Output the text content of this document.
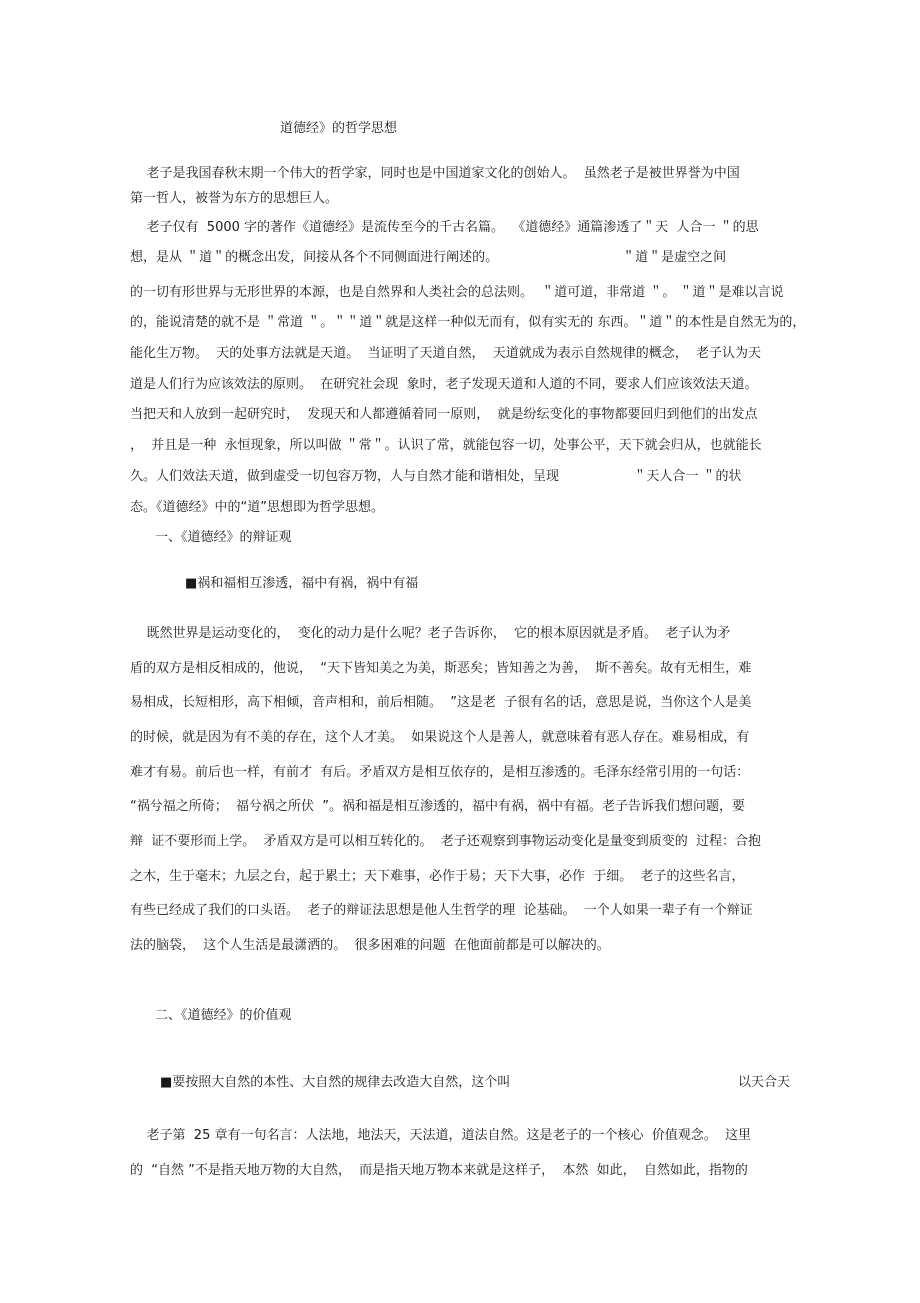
道德经》的哲学思想
老子是我国春秋末期一个伟大的哲学家，同时也是中国道家文化的创始人。  虽然老子是被世界誉为中国
第一哲人，被誉为东方的思想巨人。
老子仅有  5000 字的著作《道德经》是流传至今的千古名篇。  《道德经》通篇渗透了＂天  人合一 ＂的思
想，是从 ＂道＂的概念出发，间接从各个不同侧面进行阐述的。                              ＂道＂是虚空之间
的一切有形世界与无形世界的本源，也是自然界和人类社会的总法则。  ＂道可道，非常道 ＂。 ＂道＂是难以言说
的，能说清楚的就不是 ＂常道 ＂。＂＂道＂就是这样一种似无而有，似有实无的 东西。＂道＂的本性是自然无为的，
能化生万物。  天的处事方法就是天道。  当证明了天道自然，  天道就成为表示自然规律的概念，  老子认为天
道是人们行为应该效法的原则。  在研究社会现  象时，老子发现天道和人道的不同，要求人们应该效法天道。
当把天和人放到一起研究时，  发现天和人都遵循着同一原则，  就是纷纭变化的事物都要回归到他们的出发点
，  并且是一种  永恒现象，所以叫做 ＂常＂。认识了常，就能包容一切，处事公平，天下就会归从，也就能长
久。人们效法天道，做到虚受一切包容万物，人与自然才能和谐相处，呈现                  ＂天人合一 ＂的状
态。《道德经》中的“道”思想即为哲学思想。
一、《道德经》的辩证观
■祸和福相互渗透，福中有祸，祸中有福
既然世界是运动变化的，  变化的动力是什么呢？老子告诉你，  它的根本原因就是矛盾。  老子认为矛
盾的双方是相反相成的，他说，  “天下皆知美之为美，斯恶矣；皆知善之为善，  斯不善矣。故有无相生，难
易相成，长短相形，高下相倾，音声相和，前后相随。  ”这是老  子很有名的话，意思是说，当你这个人是美
的时候，就是因为有不美的存在，这个人才美。  如果说这个人是善人，就意味着有恶人存在。难易相成，有
难才有易。前后也一样，有前才  有后。矛盾双方是相互依存的，是相互渗透的。毛泽东经常引用的一句话：
“祸兮福之所倚；  福兮祸之所伏  ”。祸和福是相互渗透的，福中有祸，祸中有福。老子告诉我们想问题，要
辩  证不要形而上学。  矛盾双方是可以相互转化的。  老子还观察到事物运动变化是量变到质变的  过程：合抱
之木，生于毫末；九层之台，起于累土；天下难事，必作于易；天下大事，必作  于细。  老子的这些名言，
有些已经成了我们的口头语。  老子的辩证法思想是他人生哲学的理  论基础。  一个人如果一辈子有一个辩证
法的脑袋，  这个人生活是最潇洒的。  很多困难的问题  在他面前都是可以解决的。
二、《道德经》的价值观
■要按照大自然的本性、大自然的规律去改造大自然，这个叫	以天合天
老子第  25 章有一句名言：人法地，地法天，天法道，道法自然。这是老子的一个核心  价值观念。  这里
的  “自然 ”不是指天地万物的大自然，  而是指天地万物本来就是这样子，  本然  如此，  自然如此，指物的
